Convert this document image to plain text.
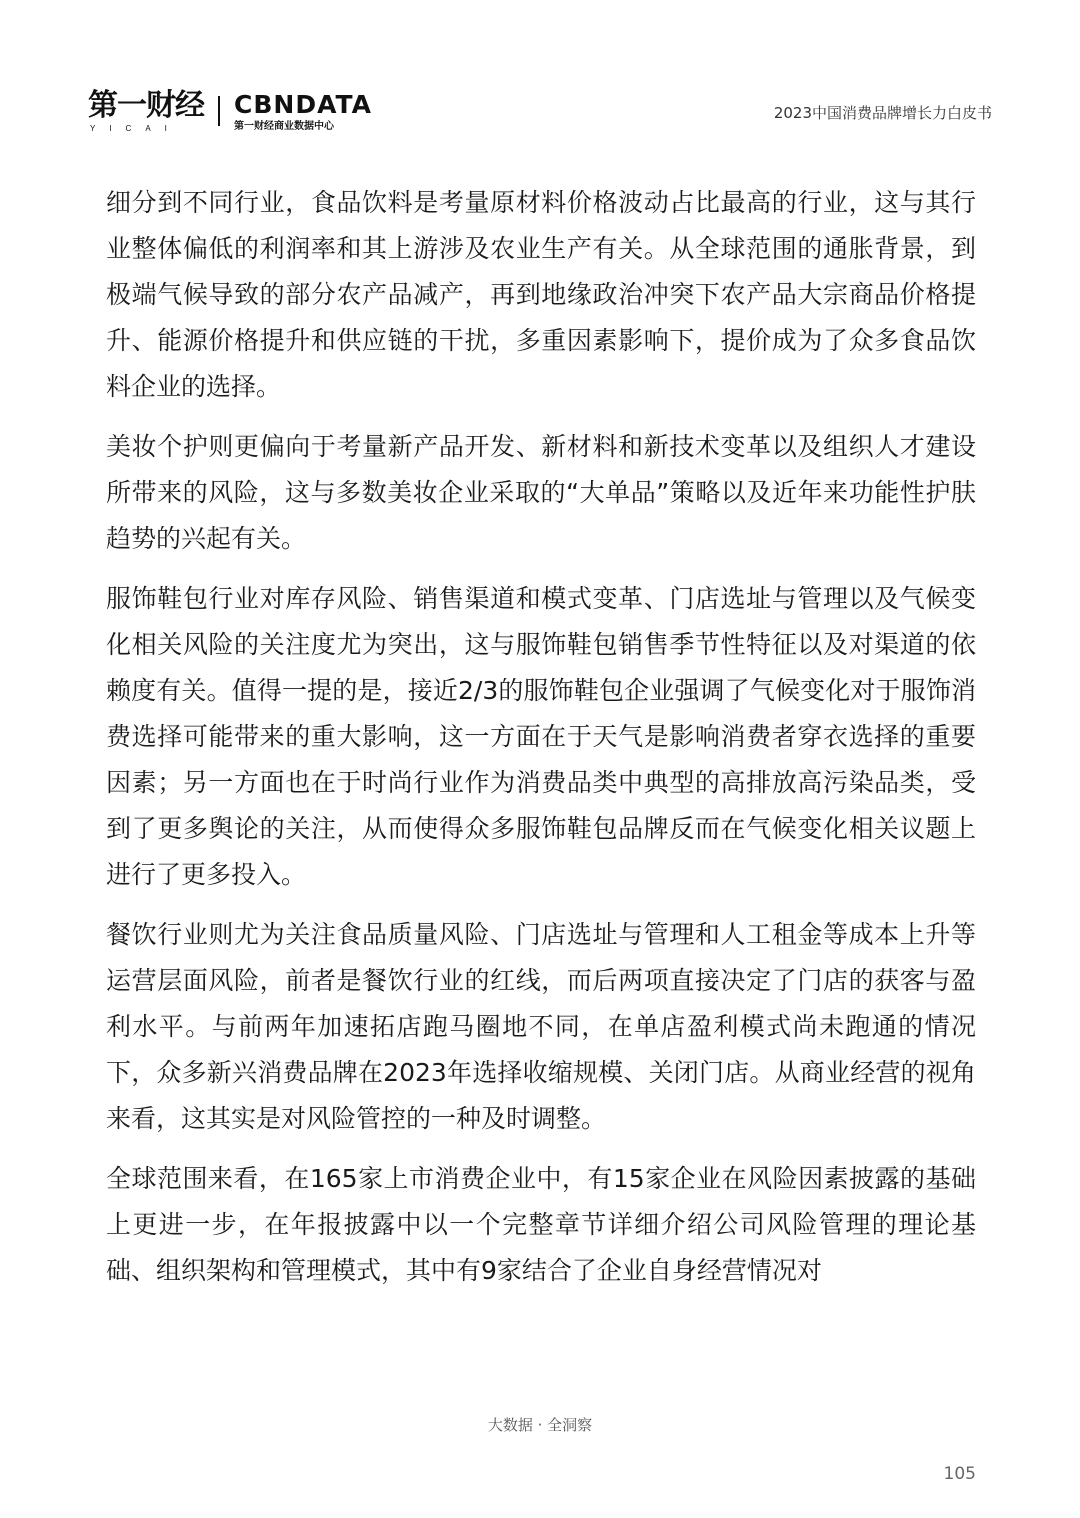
第一财经
YICAI
CBNDATA
第一财经商业数据中心
2023中国消费品牌增长力白皮书

细分到不同行业，食品饮料是考量原材料价格波动占比最高的行业，这与其行业整体偏低的利润率和其上游涉及农业生产有关。从全球范围的通胀背景，到极端气候导致的部分农产品减产，再到地缘政治冲突下农产品大宗商品价格提升、能源价格提升和供应链的干扰，多重因素影响下，提价成为了众多食品饮料企业的选择。

美妆个护则更偏向于考量新产品开发、新材料和新技术变革以及组织人才建设所带来的风险，这与多数美妆企业采取的“大单品”策略以及近年来功能性护肤趋势的兴起有关。

服饰鞋包行业对库存风险、销售渠道和模式变革、门店选址与管理以及气候变化相关风险的关注度尤为突出，这与服饰鞋包销售季节性特征以及对渠道的依赖度有关。值得一提的是，接近2/3的服饰鞋包企业强调了气候变化对于服饰消费选择可能带来的重大影响，这一方面在于天气是影响消费者穿衣选择的重要因素；另一方面也在于时尚行业作为消费品类中典型的高排放高污染品类，受到了更多舆论的关注，从而使得众多服饰鞋包品牌反而在气候变化相关议题上进行了更多投入。

餐饮行业则尤为关注食品质量风险、门店选址与管理和人工租金等成本上升等运营层面风险，前者是餐饮行业的红线，而后两项直接决定了门店的获客与盈利水平。与前两年加速拓店跑马圈地不同，在单店盈利模式尚未跑通的情况下，众多新兴消费品牌在2023年选择收缩规模、关闭门店。从商业经营的视角来看，这其实是对风险管控的一种及时调整。

全球范围来看，在165家上市消费企业中，有15家企业在风险因素披露的基础上更进一步，在年报披露中以一个完整章节详细介绍公司风险管理的理论基础、组织架构和管理模式，其中有9家结合了企业自身经营情况对

大数据 · 全洞察
105
